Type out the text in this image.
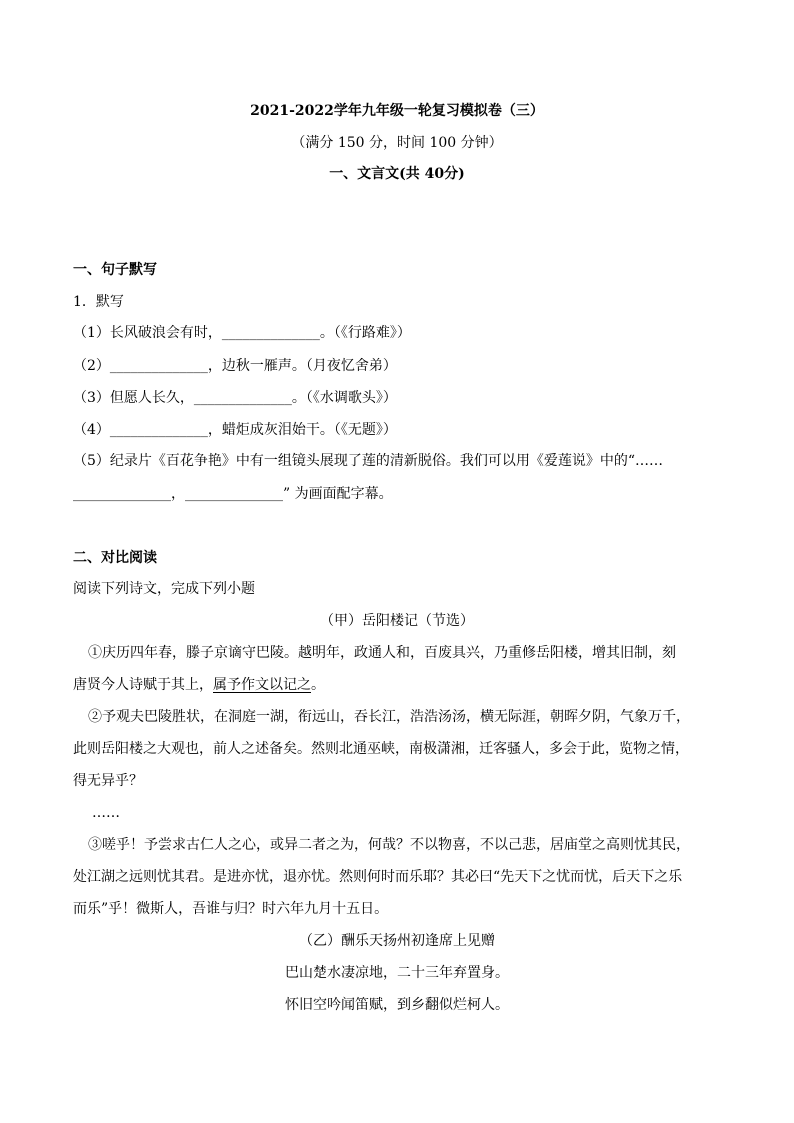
2021-2022学年九年级一轮复习模拟卷（三）
（满分 150 分，时间 100 分钟）
一、文言文(共 40分)
一、句子默写
1．默写
（1）长风破浪会有时，______________。（《行路难》）
（2）______________，边秋一雁声。（月夜忆舍弟）
（3）但愿人长久，______________。（《水调歌头》）
（4）______________，蜡炬成灰泪始干。（《无题》）
（5）纪录片《百花争艳》中有一组镜头展现了莲的清新脱俗。我们可以用《爱莲说》中的“……
______________，______________” 为画面配字幕。
二、对比阅读
阅读下列诗文，完成下列小题
（甲）岳阳楼记（节选）
①庆历四年春，滕子京谪守巴陵。越明年，政通人和，百废具兴，乃重修岳阳楼，增其旧制，刻
唐贤今人诗赋于其上，属予作文以记之。
②予观夫巴陵胜状，在洞庭一湖，衔远山，吞长江，浩浩汤汤，横无际涯，朝晖夕阴，气象万千，
此则岳阳楼之大观也，前人之述备矣。然则北通巫峡，南极潇湘，迁客骚人，多会于此，览物之情，
得无异乎？
……
③嗟乎！予尝求古仁人之心，或异二者之为，何哉？不以物喜，不以己悲，居庙堂之高则忧其民，
处江湖之远则忧其君。是进亦忧，退亦忧。然则何时而乐耶？其必曰“先天下之忧而忧，后天下之乐
而乐”乎！微斯人，吾谁与归？时六年九月十五日。
（乙）酬乐天扬州初逢席上见赠
巴山楚水凄凉地，二十三年弃置身。
怀旧空吟闻笛赋，到乡翻似烂柯人。
